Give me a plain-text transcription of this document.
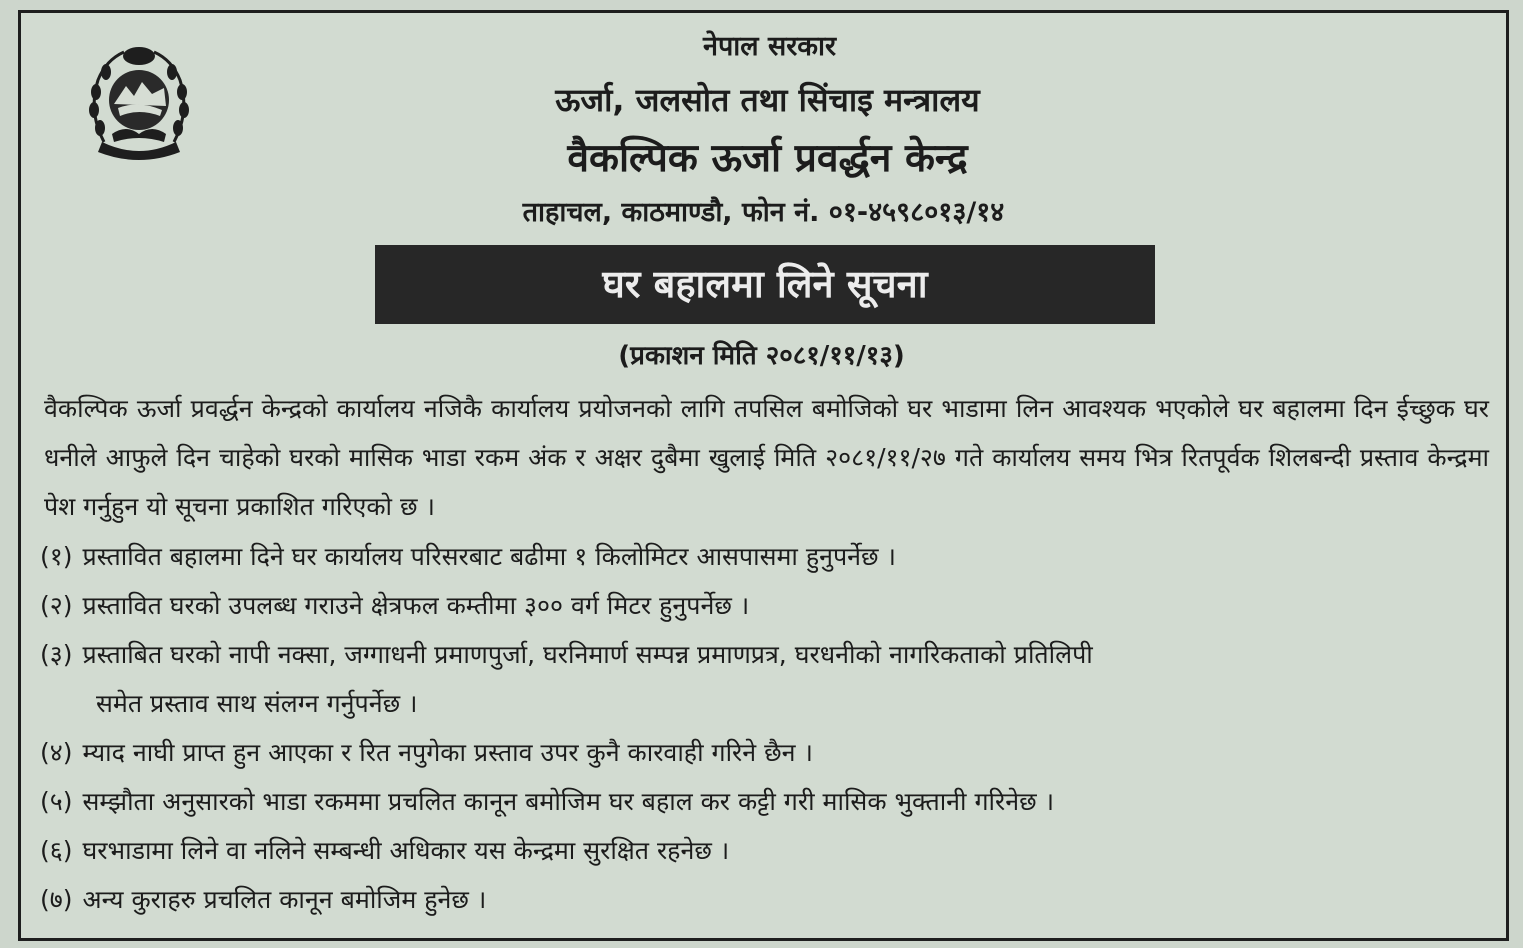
नेपाल सरकार
ऊर्जा, जलसोत तथा सिंचाइ मन्त्रालय
वैकल्पिक ऊर्जा प्रवर्द्धन केन्द्र
ताहाचल, काठमाण्डौ, फोन नं. ०१-४५९८०१३/१४
घर बहालमा लिने सूचना
(प्रकाशन मिति २०८१/११/१३)
वैकल्पिक ऊर्जा प्रवर्द्धन केन्द्रको कार्यालय नजिकै कार्यालय प्रयोजनको लागि तपसिल बमोजिको घर भाडामा लिन आवश्यक भएकोले घर बहालमा दिन ईच्छुक घर धनीले आफुले दिन चाहेको घरको मासिक भाडा रकम अंक र अक्षर दुबैमा खुलाई मिति २०८१/११/२७ गते कार्यालय समय भित्र रितपूर्वक शिलबन्दी प्रस्ताव केन्द्रमा पेश गर्नुहुन यो सूचना प्रकाशित गरिएको छ ।
(१) प्रस्तावित बहालमा दिने घर कार्यालय परिसरबाट बढीमा १ किलोमिटर आसपासमा हुनुपर्नेछ ।
(२) प्रस्तावित घरको उपलब्ध गराउने क्षेत्रफल कम्तीमा ३०० वर्ग मिटर हुनुपर्नेछ ।
(३) प्रस्ताबित घरको नापी नक्सा, जग्गाधनी प्रमाणपुर्जा, घरनिमार्ण सम्पन्न प्रमाणप्रत्र, घरधनीको नागरिकताको प्रतिलिपी
समेत प्रस्ताव साथ संलग्न गर्नुपर्नेछ ।
(४) म्याद नाघी प्राप्त हुन आएका र रित नपुगेका प्रस्ताव उपर कुनै कारवाही गरिने छैन ।
(५) सम्झौता अनुसारको भाडा रकममा प्रचलित कानून बमोजिम घर बहाल कर कट्टी गरी मासिक भुक्तानी गरिनेछ ।
(६) घरभाडामा लिने वा नलिने सम्बन्धी अधिकार यस केन्द्रमा सुरक्षित रहनेछ ।
(७) अन्य कुराहरु प्रचलित कानून बमोजिम हुनेछ ।
